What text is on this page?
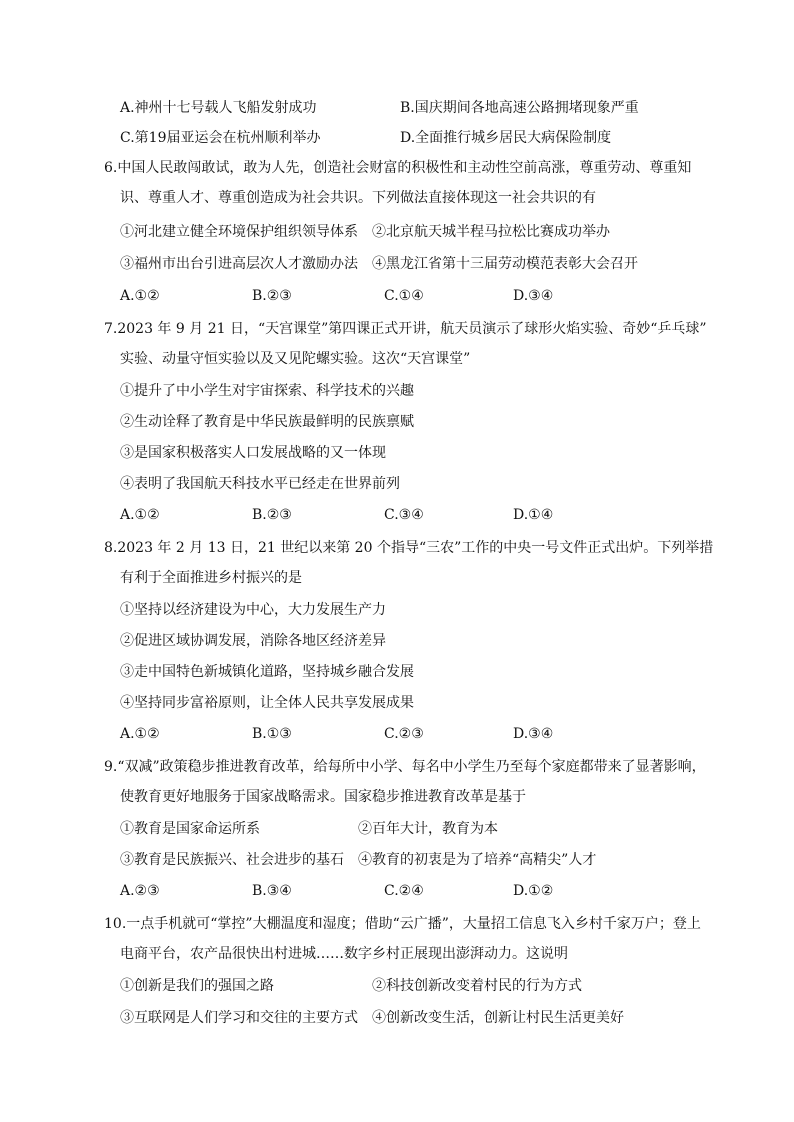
A.神州十七号载人飞船发射成功	B.国庆期间各地高速公路拥堵现象严重
C.第19届亚运会在杭州顺利举办	D.全面推行城乡居民大病保险制度
6.中国人民敢闯敢试，敢为人先，创造社会财富的积极性和主动性空前高涨，尊重劳动、尊重知
识、尊重人才、尊重创造成为社会共识。下列做法直接体现这一社会共识的有
①河北建立健全环境保护组织领导体系 ②北京航天城半程马拉松比赛成功举办
③福州市出台引进高层次人才激励办法 ④黑龙江省第十三届劳动模范表彰大会召开
A.①②	B.②③	C.①④	D.③④
7.2023 年 9 月 21 日，“天宫课堂”第四课正式开讲，航天员演示了球形火焰实验、奇妙“乒乓球”
实验、动量守恒实验以及又见陀螺实验。这次“天宫课堂”
①提升了中小学生对宇宙探索、科学技术的兴趣
②生动诠释了教育是中华民族最鲜明的民族禀赋
③是国家积极落实人口发展战略的又一体现
④表明了我国航天科技水平已经走在世界前列
A.①②	B.②③	C.③④	D.①④
8.2023 年 2 月 13 日，21 世纪以来第 20 个指导“三农”工作的中央一号文件正式出炉。下列举措
有利于全面推进乡村振兴的是
①坚持以经济建设为中心，大力发展生产力
②促进区域协调发展，消除各地区经济差异
③走中国特色新城镇化道路，坚持城乡融合发展
④坚持同步富裕原则，让全体人民共享发展成果
A.①②	B.①③	C.②③	D.③④
9.“双减”政策稳步推进教育改革，给每所中小学、每名中小学生乃至每个家庭都带来了显著影响，
使教育更好地服务于国家战略需求。国家稳步推进教育改革是基于
①教育是国家命运所系	②百年大计，教育为本
③教育是民族振兴、社会进步的基石 ④教育的初衷是为了培养“高精尖”人才
A.②③	B.③④	C.②④	D.①②
10.一点手机就可“掌控”大棚温度和湿度；借助“云广播”，大量招工信息飞入乡村千家万户；登上
电商平台，农产品很快出村进城……数字乡村正展现出澎湃动力。这说明
①创新是我们的强国之路	②科技创新改变着村民的行为方式
③互联网是人们学习和交往的主要方式 ④创新改变生活，创新让村民生活更美好
